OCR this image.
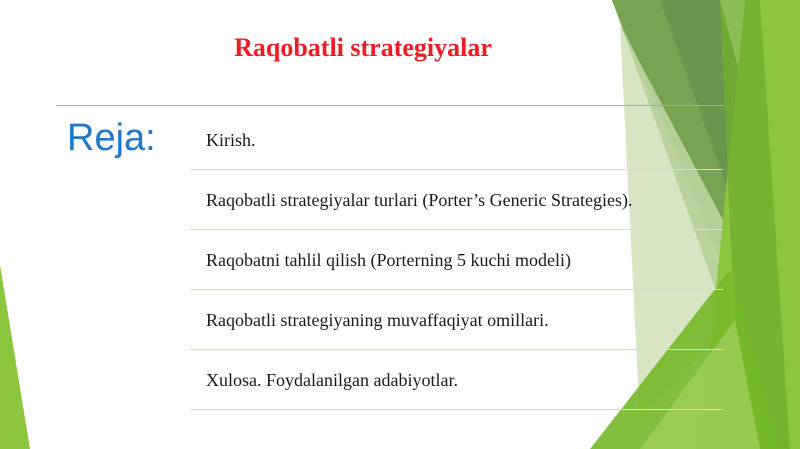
Raqobatli strategiyalar
Reja:	Kirish.
Raqobatli strategiyalar turlari (Porter’s Generic Strategies).
Raqobatni tahlil qilish (Porterning 5 kuchi modeli)
Raqobatli strategiyaning muvaffaqiyat omillari.
Xulosa. Foydalanilgan adabiyotlar.
